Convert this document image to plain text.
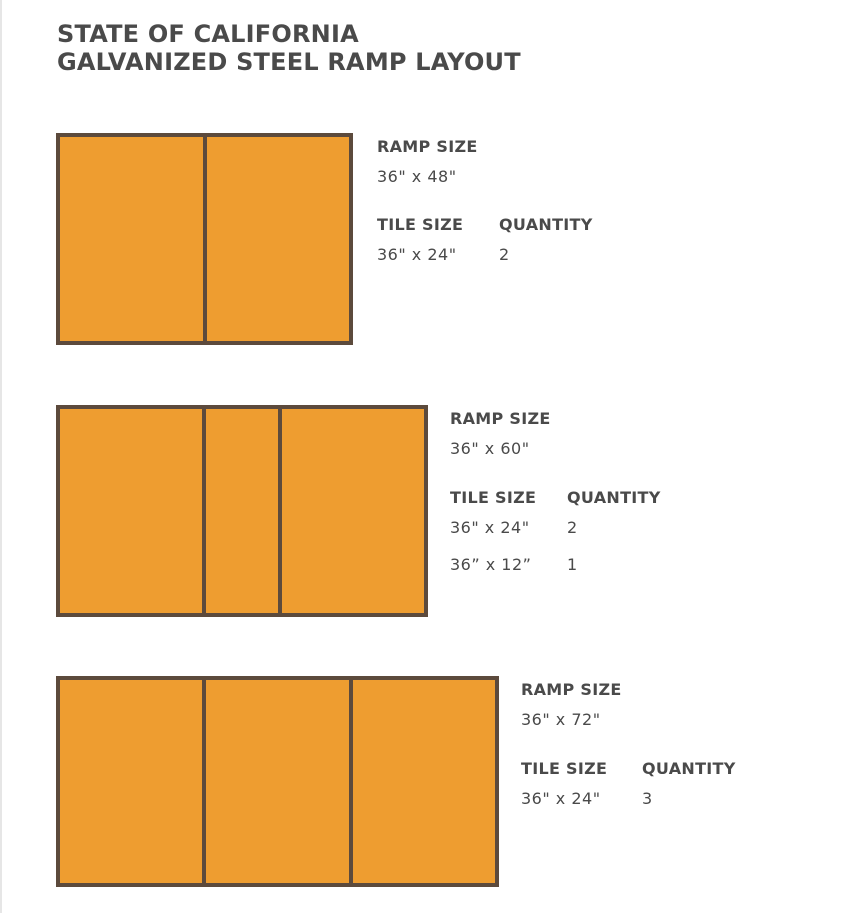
STATE OF CALIFORNIA
GALVANIZED STEEL RAMP LAYOUT
RAMP SIZE
36" x 48"
TILE SIZE QUANTITY
36" x 24"	2
RAMP SIZE
36" x 60"
TILE SIZE QUANTITY
36" x 24" 2
36” x 12” 1
RAMP SIZE
36" x 72"
TILE SIZE QUANTITY
36" x 24"	3
